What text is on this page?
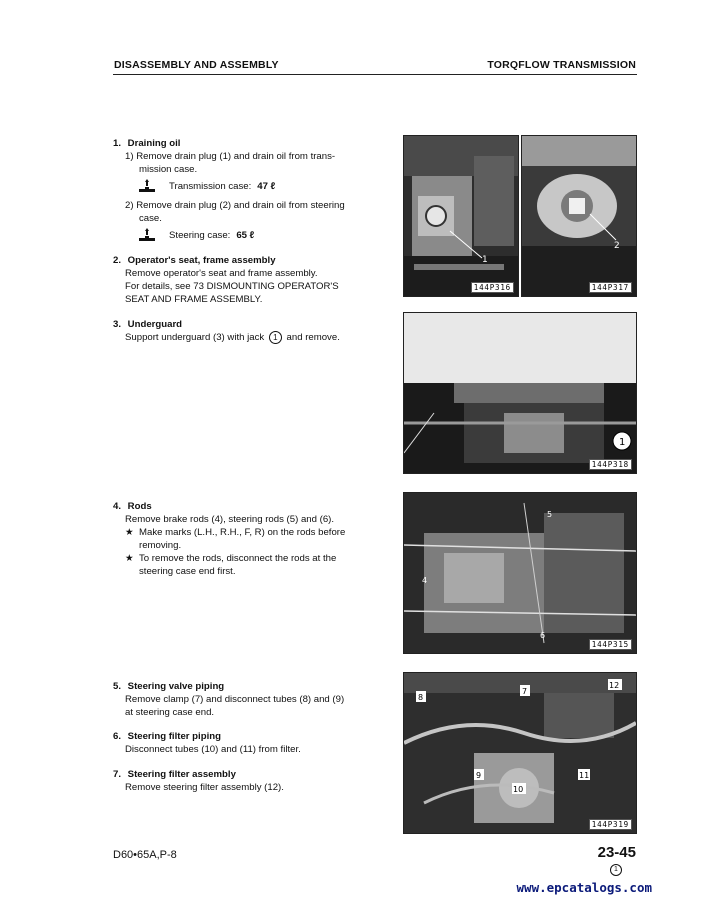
DISASSEMBLY AND ASSEMBLY	TORQFLOW TRANSMISSION
1. Draining oil
1) Remove drain plug (1) and drain oil from trans-
mission case.
Transmission case: 47 ℓ
2) Remove drain plug (2) and drain oil from steering
case.
Steering case: 65 ℓ
2. Operator's seat, frame assembly
Remove operator's seat and frame assembly.
For details, see 73 DISMOUNTING OPERATOR'S
SEAT AND FRAME ASSEMBLY.
3. Underguard
Support underguard (3) with jack 1 and remove.
4. Rods
Remove brake rods (4), steering rods (5) and (6).
★ Make marks (L.H., R.H., F, R) on the rods before
removing.
★ To remove the rods, disconnect the rods at the
steering case end first.
5. Steering valve piping
Remove clamp (7) and disconnect tubes (8) and (9)
at steering case end.
6. Steering filter piping
Disconnect tubes (10) and (11) from filter.
7. Steering filter assembly
Remove steering filter assembly (12).
1
144P316
2
144P317
1
144P318
5
4
6
144P315
8
7
12
9
10
11
144P319
D60•65A,P-8	23-45
1
www.epcatalogs.com
